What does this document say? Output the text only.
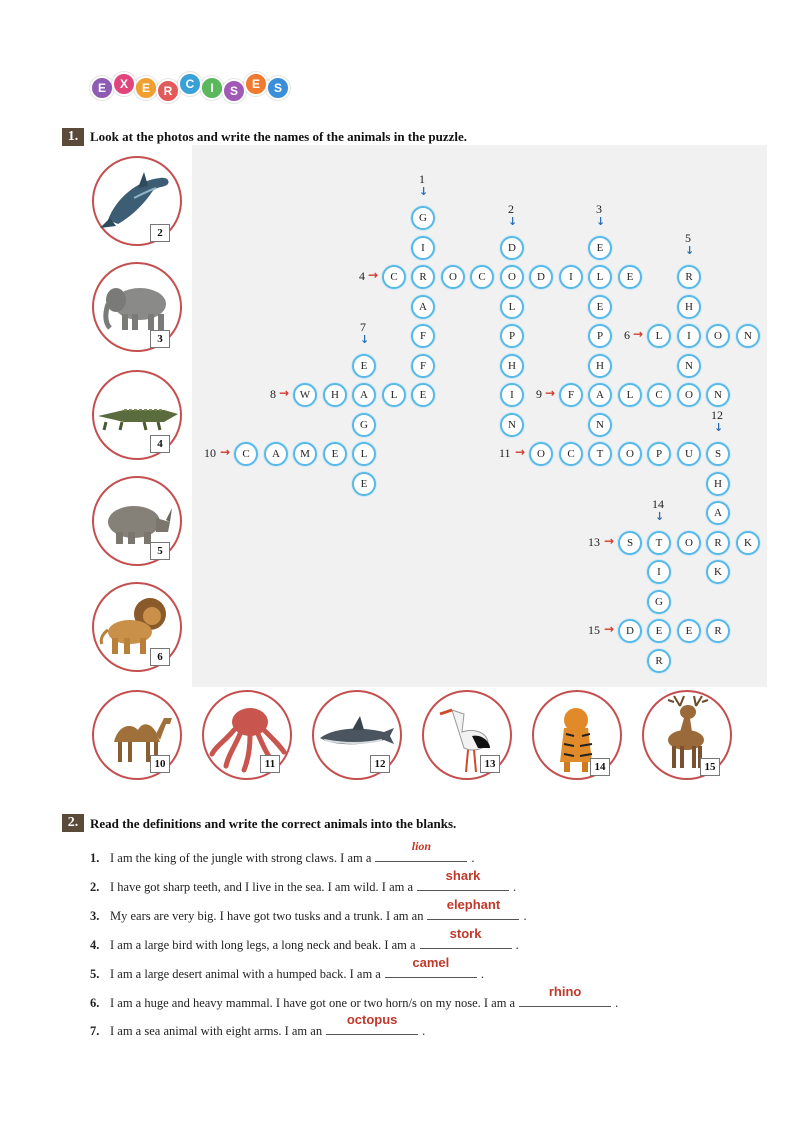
E	X	E	R	C	I	S	E	S
1. Look at the photos and write the names of the animals in the puzzle.
C	R	O	C	O	D	I	L	E
L	I	O	N
W	H	A	L	E	F	A	L	C	O	N
C	A	M	E	L	O	C	T	O	P	U	S
S	T	O	R	K
D	E	E	R
G
I
A
F
F
D
L
P
H
I
N
E
E
P
H
N
R
H
N
E
G
E	H
A
K
I
G
R
4 →
6 →
8 →	9 →
10 →	11 →
13 →
15 →
1
↓
2
↓
3
↓
5
↓
7
↓
12
↓
14
↓
2
3
4
5
6
10	11	12	13	14	15
2. Read the definitions and write the correct animals into the blanks.
1. I am the king of the jungle with strong claws. I am a
lion
.
2. I have got sharp teeth, and I live in the sea. I am wild. I am a
shark
.
3. My ears are very big. I have got two tusks and a trunk. I am an
elephant
.
4. I am a large bird with long legs, a long neck and beak. I am a
stork
.
5. I am a large desert animal with a humped back. I am a
camel
.
6. I am a huge and heavy mammal. I have got one or two horn/s on my nose. I am a
rhino
.
7. I am a sea animal with eight arms. I am an
octopus
.
